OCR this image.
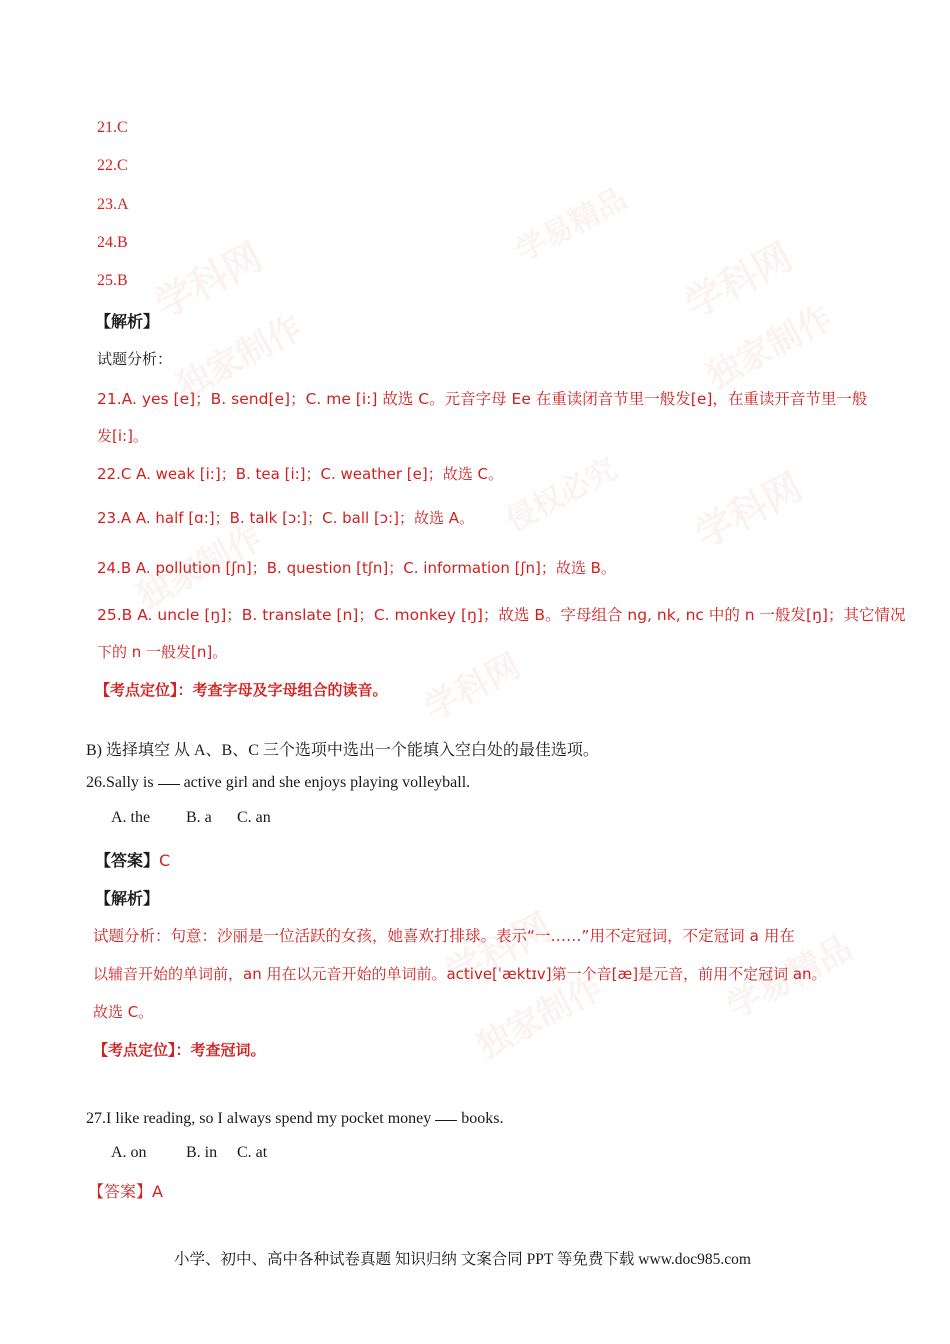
学科网	学科网
学易精品
独家制作	独家制作
学科网
侵权必究
独家制作
学科网
学科网	学易精品
独家制作
21.C
22.C
23.A
24.B
25.B
【解析】
试题分析：
21.A. yes [e]；B. send[e]；C. me [i:] 故选 C。元音字母 Ee 在重读闭音节里一般发[e]，在重读开音节里一般
发[i:]。
22.C A. weak [i:]；B. tea [i:]；C. weather [e]；故选 C。
23.A A. half [ɑ:]；B. talk [ɔ:]；C. ball [ɔ:]；故选 A。
24.B A. pollution [ʃn]；B. question [tʃn]；C. information [ʃn]；故选 B。
25.B A. uncle [ŋ]；B. translate [n]；C. monkey [ŋ]；故选 B。字母组合 ng, nk, nc 中的 n 一般发[ŋ]；其它情况
下的 n 一般发[n]。
【考点定位】：考查字母及字母组合的读音。
B) 选择填空 从 A、B、C 三个选项中选出一个能填入空白处的最佳选项。
26.Sally is  active girl and she enjoys playing volleyball.
A. the B. a C. an
【答案】C
【解析】
试题分析：句意：沙丽是一位活跃的女孩，她喜欢打排球。表示“一……”用不定冠词，不定冠词 a 用在
以辅音开始的单词前，an 用在以元音开始的单词前。active[ˈæktɪv]第一个音[æ]是元音，前用不定冠词 an。
故选 C。
【考点定位】：考查冠词。
27.I like reading, so I always spend my pocket money  books.
A. on B. in C. at
【答案】A
小学、初中、高中各种试卷真题 知识归纳 文案合同 PPT 等免费下载 www.doc985.com
